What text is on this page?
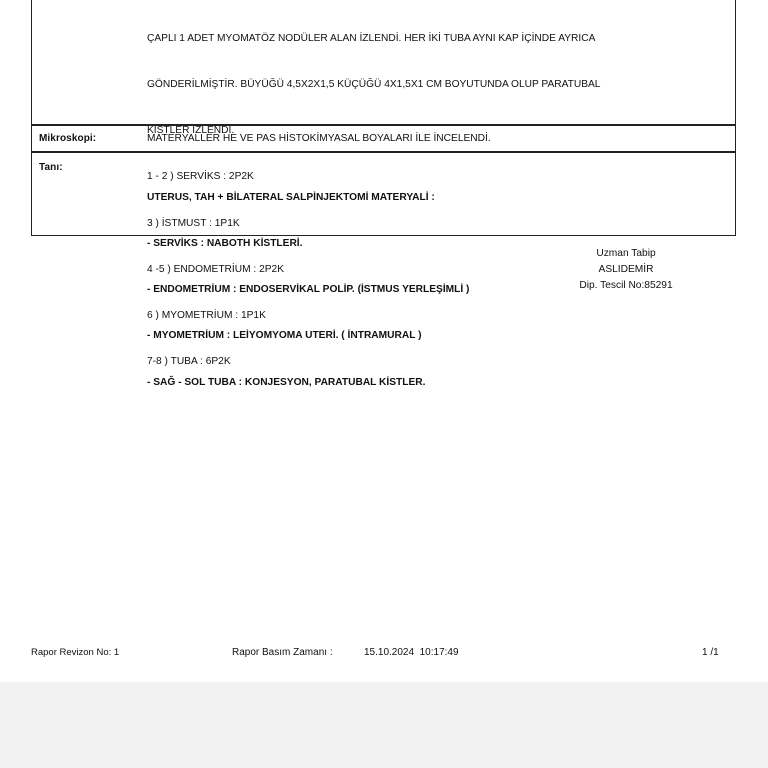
ÇAPLI 1 ADET MYOMATÖZ NODÜLER ALAN İZLENDİ. HER İKİ TUBA AYNI KAP İÇİNDE AYRICA

GÖNDERİLMİŞTİR. BÜYÜĞÜ 4,5X2X1,5 KÜÇÜĞÜ 4X1,5X1 CM BOYUTUNDA OLUP PARATUBAL

KİSTLER İZLENDİ.

1 - 2 ) SERVİKS : 2P2K

3 ) İSTMUST : 1P1K

4 -5 ) ENDOMETRİUM : 2P2K

6 ) MYOMETRİUM : 1P1K

7-8 ) TUBA : 6P2K

Mikroskopi:	MATERYALLER HE VE PAS HİSTOKİMYASAL BOYALARI İLE İNCELENDİ.
Tanı:

UTERUS, TAH + BİLATERAL SALPİNJEKTOMİ MATERYALİ :

- SERVİKS : NABOTH KİSTLERİ.

- ENDOMETRİUM : ENDOSERVİKAL POLİP. (İSTMUS YERLEŞİMLİ )

- MYOMETRİUM : LEİYOMYOMA UTERİ. ( İNTRAMURAL )

- SAĞ - SOL TUBA : KONJESYON, PARATUBAL KİSTLER.

Uzman Tabip
ASLIDEMİR
Dip. Tescil No:85291
Rapor Revizon No: 1	Rapor Basım Zamanı :	15.10.2024  10:17:49	1 /1
